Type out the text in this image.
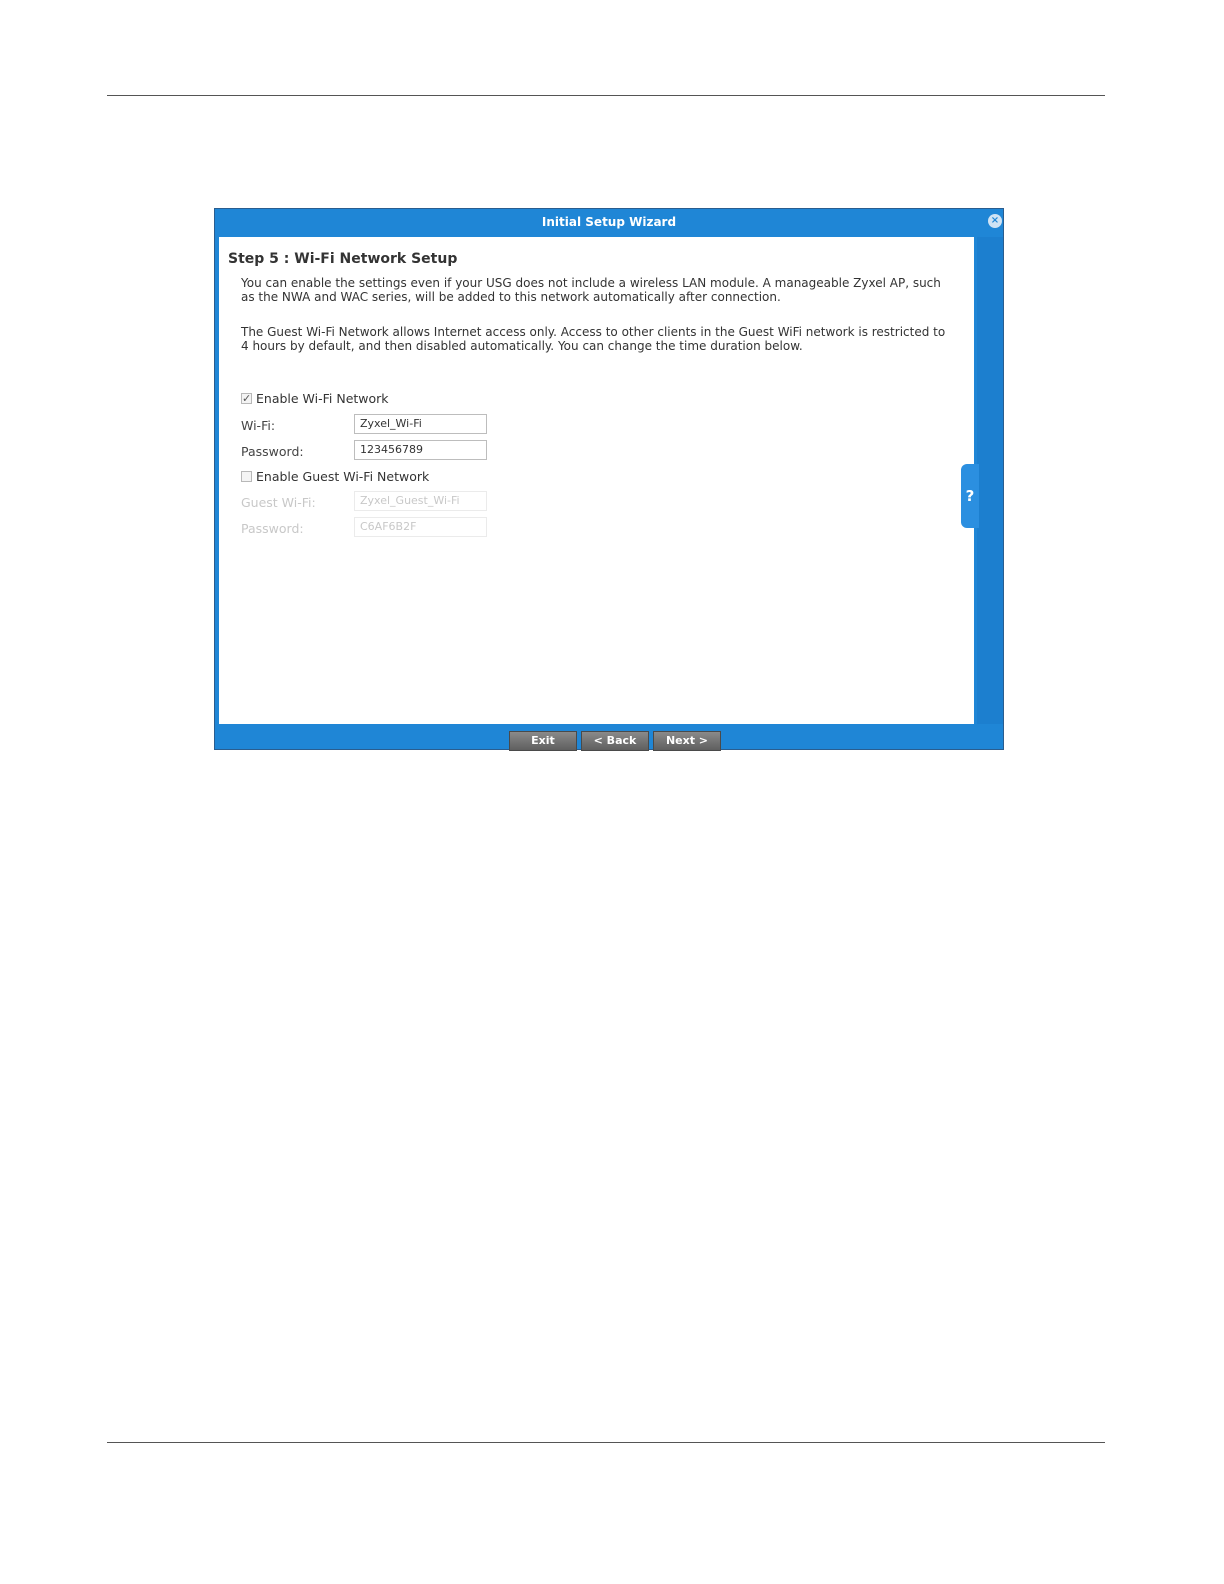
Initial Setup Wizard	×
Step 5 : Wi-Fi Network Setup
You can enable the settings even if your USG does not include a wireless LAN module. A manageable Zyxel AP, such as the NWA and WAC series, will be added to this network automatically after connection.
The Guest Wi-Fi Network allows Internet access only. Access to other clients in the Guest WiFi network is restricted to 4 hours by default, and then disabled automatically. You can change the time duration below.
✓ Enable Wi-Fi Network
Wi-Fi:	Zyxel_Wi-Fi
Password:	123456789
Enable Guest Wi-Fi Network
Guest Wi-Fi:	Zyxel_Guest_Wi-Fi
Password:	C6AF6B2F
?
Exit	< Back	Next >
